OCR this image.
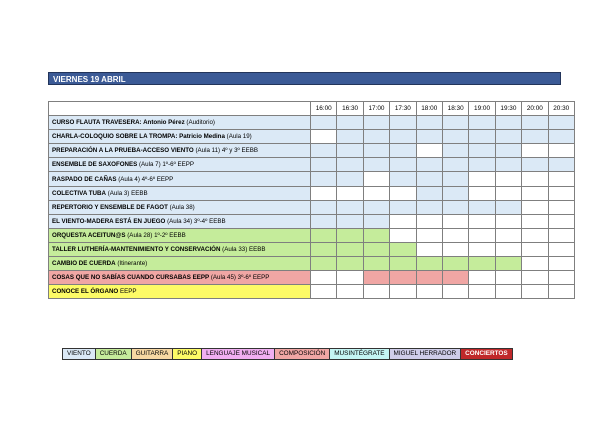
VIERNES 19 ABRIL
	16:00	16:30	17:00	17:30	18:00	18:30	19:00	19:30	20:00	20:30
CURSO FLAUTA TRAVESERA: Antonio Pérez (Auditorio)										
CHARLA-COLOQUIO SOBRE LA TROMPA: Patricio Medina (Aula 19)										
PREPARACIÓN A LA PRUEBA-ACCESO VIENTO (Aula 11) 4º y 3º EEBB										
ENSEMBLE DE SAXOFONES (Aula 7) 1º-6º EEPP										
RASPADO DE CAÑAS (Aula 4) 4º-6º EEPP										
COLECTIVA TUBA (Aula 3) EEBB										
REPERTORIO Y ENSEMBLE DE FAGOT (Aula 38)										
EL VIENTO-MADERA ESTÁ EN JUEGO (Aula 34) 3º-4º EEBB										
ORQUESTA ACEITUN@S (Aula 28) 1º-2º EEBB										
TALLER LUTHERÍA-MANTENIMIENTO Y CONSERVACIÓN (Aula 33) EEBB										
CAMBIO DE CUERDA (Itinerante)										
COSAS QUE NO SABÍAS CUANDO CURSABAS EEPP (Aula 45) 3º-6º EEPP										
CONOCE EL ÓRGANO EEPP										
VIENTO	CUERDA	GUITARRA	PIANO	LENGUAJE MUSICAL	COMPOSICIÓN	MUSINTÉGRATE	MIGUEL HERRADOR	CONCIERTOS
